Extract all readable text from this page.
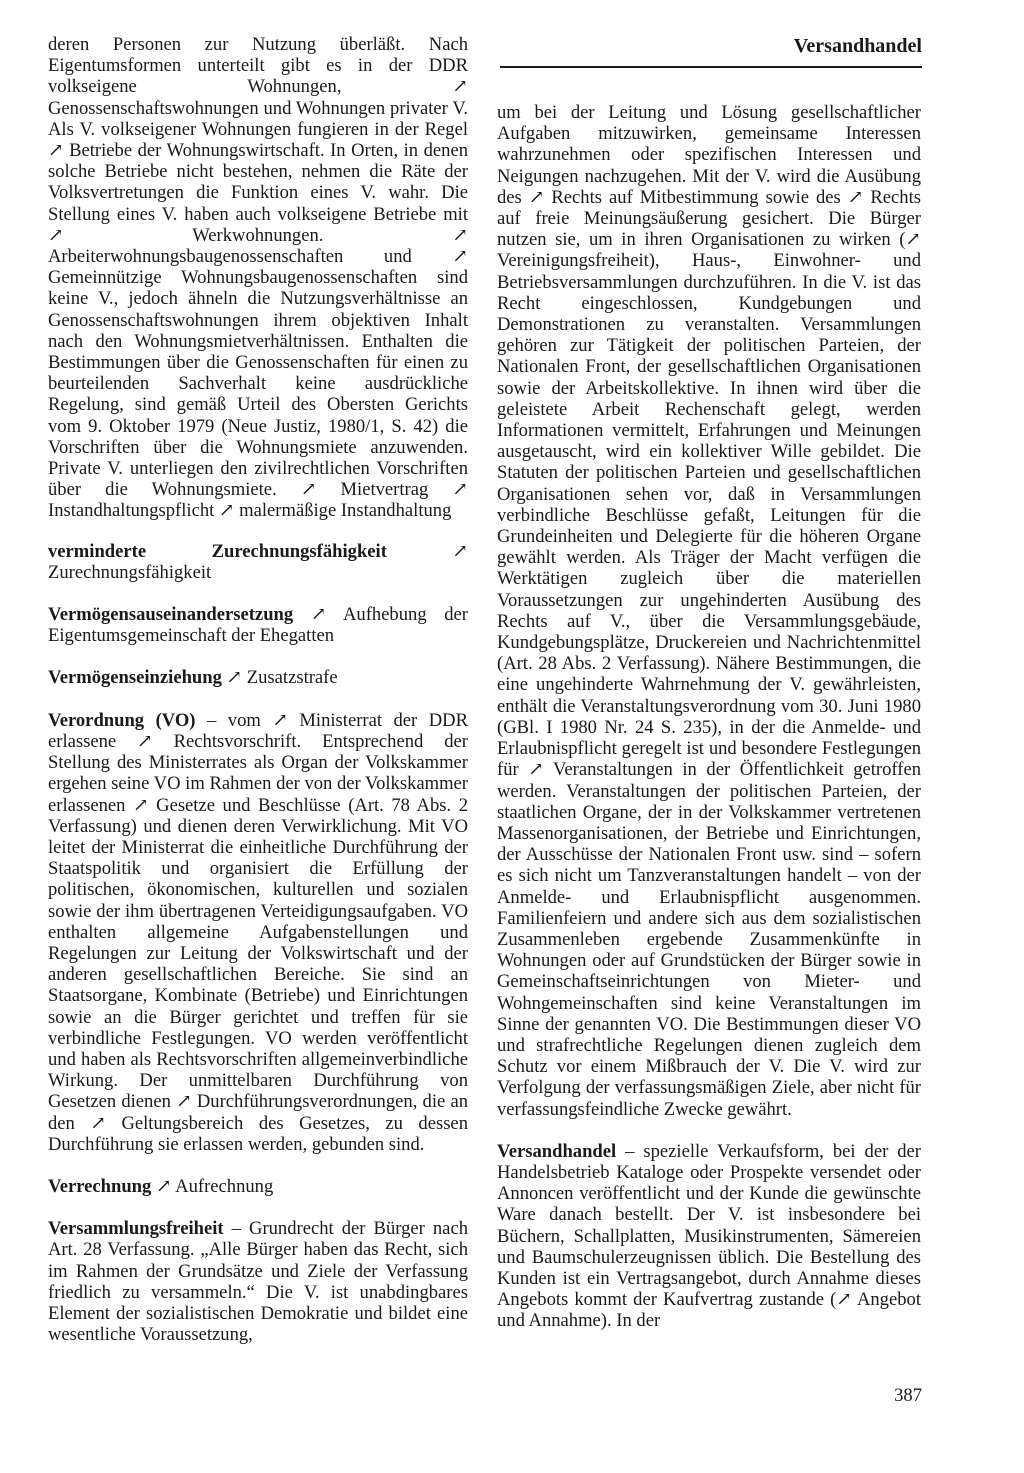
Versandhandel

deren Personen zur Nutzung überläßt. Nach Eigentumsformen unterteilt gibt es in der DDR volkseigene Wohnungen, ↗ Genossenschaftswohnungen und Wohnungen privater V. Als V. volkseigener Wohnungen fungieren in der Regel ↗ Betriebe der Wohnungswirtschaft. In Orten, in denen solche Betriebe nicht bestehen, nehmen die Räte der Volksvertretungen die Funktion eines V. wahr. Die Stellung eines V. haben auch volkseigene Betriebe mit ↗ Werkwohnungen. ↗ Arbeiterwohnungsbaugenossenschaften und ↗ Gemeinnützige Wohnungsbaugenossenschaften sind keine V., jedoch ähneln die Nutzungsverhältnisse an Genossenschaftswohnungen ihrem objektiven Inhalt nach den Wohnungsmietverhältnissen. Enthalten die Bestimmungen über die Genossenschaften für einen zu beurteilenden Sachverhalt keine ausdrückliche Regelung, sind gemäß Urteil des Obersten Gerichts vom 9. Oktober 1979 (Neue Justiz, 1980/1, S. 42) die Vorschriften über die Wohnungsmiete anzuwenden. Private V. unterliegen den zivilrechtlichen Vorschriften über die Wohnungsmiete. ↗ Mietvertrag ↗ Instandhaltungspflicht ↗ malermäßige Instandhaltung

verminderte Zurechnungsfähigkeit ↗ Zurechnungsfähigkeit

Vermögensauseinandersetzung ↗ Aufhebung der Eigentumsgemeinschaft der Ehegatten

Vermögenseinziehung ↗ Zusatzstrafe

Verordnung (VO) – vom ↗ Ministerrat der DDR erlassene ↗ Rechtsvorschrift. Entsprechend der Stellung des Ministerrates als Organ der Volkskammer ergehen seine VO im Rahmen der von der Volkskammer erlassenen ↗ Gesetze und Beschlüsse (Art. 78 Abs. 2 Verfassung) und dienen deren Verwirklichung. Mit VO leitet der Ministerrat die einheitliche Durchführung der Staatspolitik und organisiert die Erfüllung der politischen, ökonomischen, kulturellen und sozialen sowie der ihm übertragenen Verteidigungsaufgaben. VO enthalten allgemeine Aufgabenstellungen und Regelungen zur Leitung der Volkswirtschaft und der anderen gesellschaftlichen Bereiche. Sie sind an Staatsorgane, Kombinate (Betriebe) und Einrichtungen sowie an die Bürger gerichtet und treffen für sie verbindliche Festlegungen. VO werden veröffentlicht und haben als Rechtsvorschriften allgemeinverbindliche Wirkung. Der unmittelbaren Durchführung von Gesetzen dienen ↗ Durchführungsverordnungen, die an den ↗ Geltungsbereich des Gesetzes, zu dessen Durchführung sie erlassen werden, gebunden sind.

Verrechnung ↗ Aufrechnung

Versammlungsfreiheit – Grundrecht der Bürger nach Art. 28 Verfassung. „Alle Bürger haben das Recht, sich im Rahmen der Grundsätze und Ziele der Verfassung friedlich zu versammeln.“ Die V. ist unabdingbares Element der sozialistischen Demokratie und bildet eine wesentliche Voraussetzung,

um bei der Leitung und Lösung gesellschaftlicher Aufgaben mitzuwirken, gemeinsame Interessen wahrzunehmen oder spezifischen Interessen und Neigungen nachzugehen. Mit der V. wird die Ausübung des ↗ Rechts auf Mitbestimmung sowie des ↗ Rechts auf freie Meinungsäußerung gesichert. Die Bürger nutzen sie, um in ihren Organisationen zu wirken (↗ Vereinigungsfreiheit), Haus-, Einwohner- und Betriebsversammlungen durchzuführen. In die V. ist das Recht eingeschlossen, Kundgebungen und Demonstrationen zu veranstalten. Versammlungen gehören zur Tätigkeit der politischen Parteien, der Nationalen Front, der gesellschaftlichen Organisationen sowie der Arbeitskollektive. In ihnen wird über die geleistete Arbeit Rechenschaft gelegt, werden Informationen vermittelt, Erfahrungen und Meinungen ausgetauscht, wird ein kollektiver Wille gebildet. Die Statuten der politischen Parteien und gesellschaftlichen Organisationen sehen vor, daß in Versammlungen verbindliche Beschlüsse gefaßt, Leitungen für die Grundeinheiten und Delegierte für die höheren Organe gewählt werden. Als Träger der Macht verfügen die Werktätigen zugleich über die materiellen Voraussetzungen zur ungehinderten Ausübung des Rechts auf V., über die Versammlungsgebäude, Kundgebungsplätze, Druckereien und Nachrichtenmittel (Art. 28 Abs. 2 Verfassung). Nähere Bestimmungen, die eine ungehinderte Wahrnehmung der V. gewährleisten, enthält die Veranstaltungsverordnung vom 30. Juni 1980 (GBl. I 1980 Nr. 24 S. 235), in der die Anmelde- und Erlaubnispflicht geregelt ist und besondere Festlegungen für ↗ Veranstaltungen in der Öffentlichkeit getroffen werden. Veranstaltungen der politischen Parteien, der staatlichen Organe, der in der Volkskammer vertretenen Massenorganisationen, der Betriebe und Einrichtungen, der Ausschüsse der Nationalen Front usw. sind – sofern es sich nicht um Tanzveranstaltungen handelt – von der Anmelde- und Erlaubnispflicht ausgenommen. Familienfeiern und andere sich aus dem sozialistischen Zusammenleben ergebende Zusammenkünfte in Wohnungen oder auf Grundstücken der Bürger sowie in Gemeinschaftseinrichtungen von Mieter- und Wohngemeinschaften sind keine Veranstaltungen im Sinne der genannten VO. Die Bestimmungen dieser VO und strafrechtliche Regelungen dienen zugleich dem Schutz vor einem Mißbrauch der V. Die V. wird zur Verfolgung der verfassungsmäßigen Ziele, aber nicht für verfassungsfeindliche Zwecke gewährt.

Versandhandel – spezielle Verkaufsform, bei der der Handelsbetrieb Kataloge oder Prospekte versendet oder Annoncen veröffentlicht und der Kunde die gewünschte Ware danach bestellt. Der V. ist insbesondere bei Büchern, Schallplatten, Musikinstrumenten, Sämereien und Baumschulerzeugnissen üblich. Die Bestellung des Kunden ist ein Vertragsangebot, durch Annahme dieses Angebots kommt der Kaufvertrag zustande (↗ Angebot und Annahme). In der

387
